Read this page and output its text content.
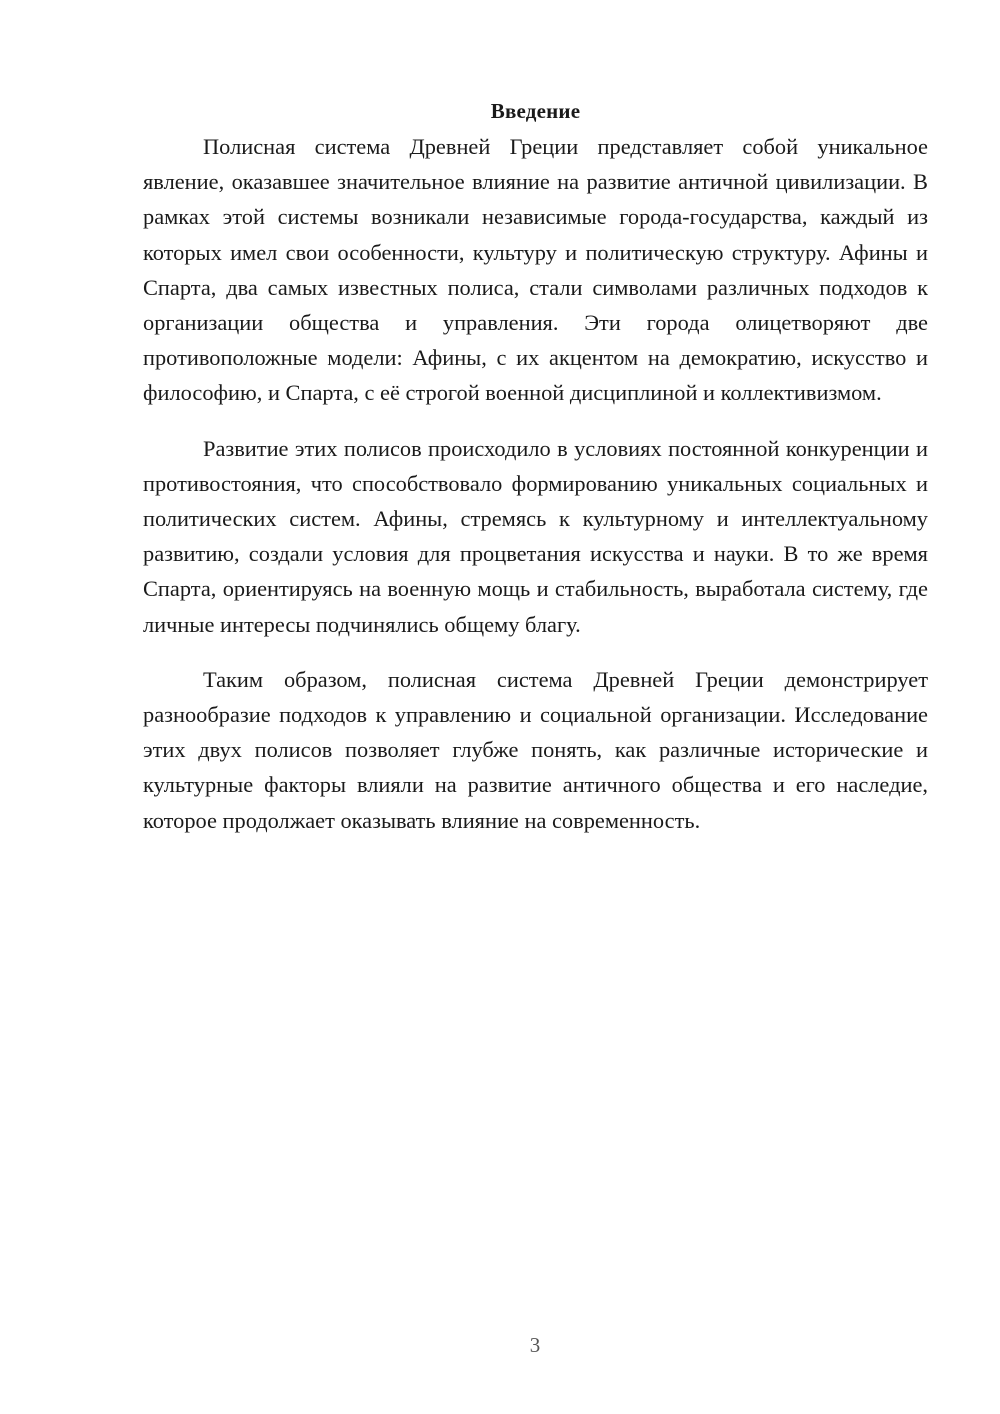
Введение

Полисная система Древней Греции представляет собой уникальное явление, оказавшее значительное влияние на развитие античной цивилизации. В рамках этой системы возникали независимые города-государства, каждый из которых имел свои особенности, культуру и политическую структуру. Афины и Спарта, два самых известных полиса, стали символами различных подходов к организации общества и управления. Эти города олицетворяют две противоположные модели: Афины, с их акцентом на демократию, искусство и философию, и Спарта, с её строгой военной дисциплиной и коллективизмом.

Развитие этих полисов происходило в условиях постоянной конкуренции и противостояния, что способствовало формированию уникальных социальных и политических систем. Афины, стремясь к культурному и интеллектуальному развитию, создали условия для процветания искусства и науки. В то же время Спарта, ориентируясь на военную мощь и стабильность, выработала систему, где личные интересы подчинялись общему благу.

Таким образом, полисная система Древней Греции демонстрирует разнообразие подходов к управлению и социальной организации. Исследование этих двух полисов позволяет глубже понять, как различные исторические и культурные факторы влияли на развитие античного общества и его наследие, которое продолжает оказывать влияние на современность.

3
